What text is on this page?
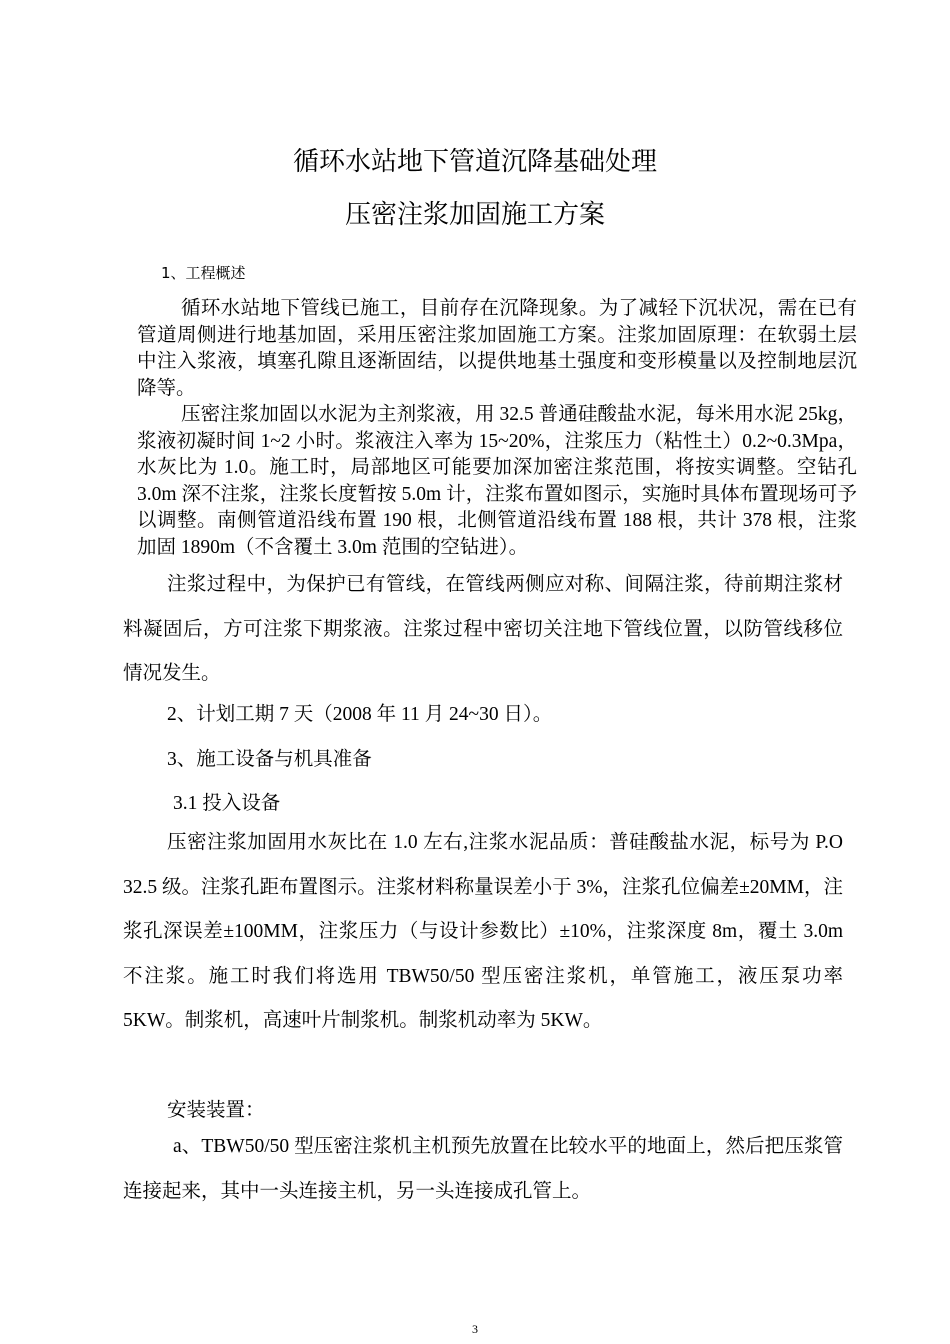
循环水站地下管道沉降基础处理
压密注浆加固施工方案
1、工程概述

循环水站地下管线已施工，目前存在沉降现象。为了减轻下沉状况，需在已有管道周侧进行地基加固，采用压密注浆加固施工方案。注浆加固原理：在软弱土层中注入浆液，填塞孔隙且逐渐固结，以提供地基土强度和变形模量以及控制地层沉降等。

压密注浆加固以水泥为主剂浆液，用 32.5 普通硅酸盐水泥，每米用水泥 25kg，浆液初凝时间 1~2 小时。浆液注入率为 15~20%，注浆压力（粘性土）0.2~0.3Mpa，水灰比为 1.0。施工时，局部地区可能要加深加密注浆范围，将按实调整。空钻孔 3.0m 深不注浆，注浆长度暂按 5.0m 计，注浆布置如图示，实施时具体布置现场可予以调整。南侧管道沿线布置 190 根，北侧管道沿线布置 188 根，共计 378 根，注浆加固 1890m（不含覆土 3.0m 范围的空钻进）。

注浆过程中，为保护已有管线，在管线两侧应对称、间隔注浆，待前期注浆材料凝固后，方可注浆下期浆液。注浆过程中密切关注地下管线位置，以防管线移位情况发生。

2、计划工期 7 天（2008 年 11 月 24~30 日）。
3、施工设备与机具准备
3.1 投入设备

压密注浆加固用水灰比在 1.0 左右,注浆水泥品质：普硅酸盐水泥，标号为 P.O 32.5 级。注浆孔距布置图示。注浆材料称量误差小于 3%，注浆孔位偏差±20MM，注浆孔深误差±100MM，注浆压力（与设计参数比）±10%，注浆深度 8m，覆土 3.0m 不注浆。施工时我们将选用 TBW50/50 型压密注浆机，单管施工，液压泵功率 5KW。制浆机，高速叶片制浆机。制浆机动率为 5KW。

安装装置：

a、TBW50/50 型压密注浆机主机预先放置在比较水平的地面上，然后把压浆管连接起来，其中一头连接主机，另一头连接成孔管上。

3
